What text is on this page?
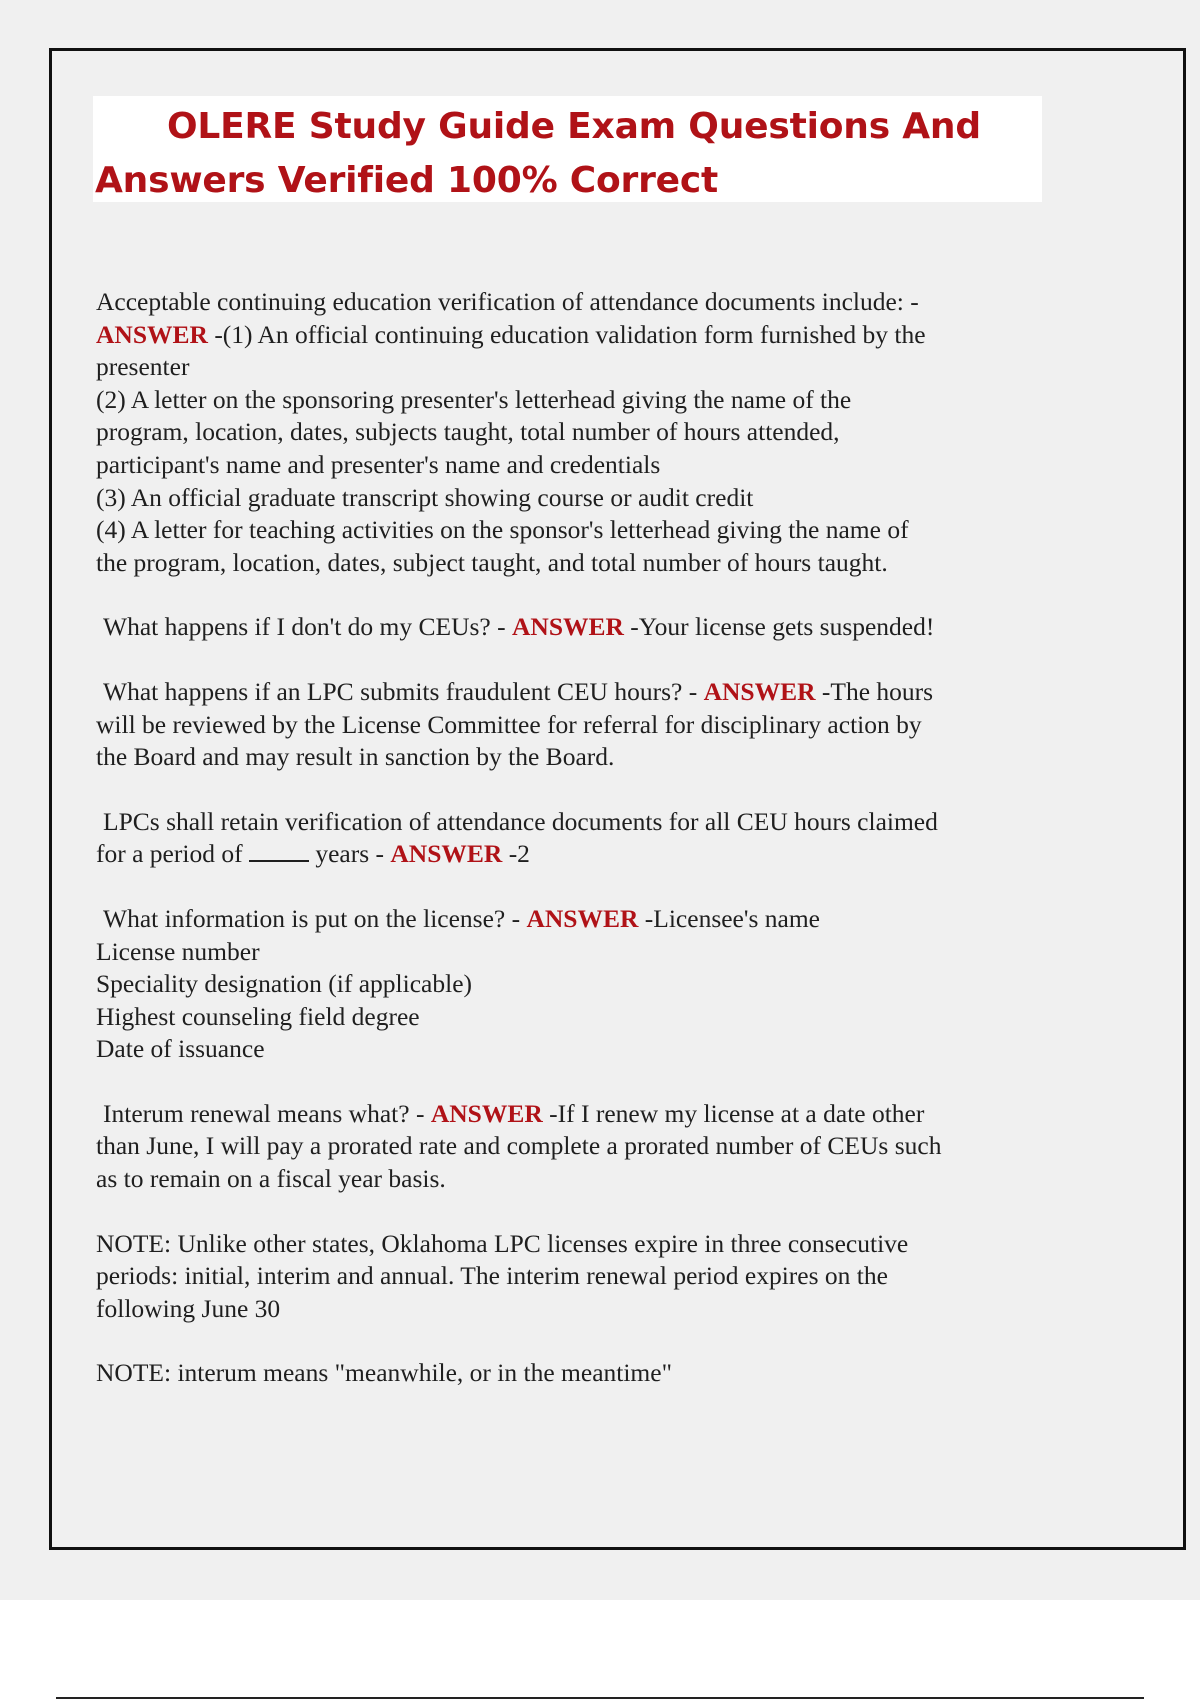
OLERE Study Guide Exam Questions And Answers Verified 100% Correct

Acceptable continuing education verification of attendance documents include: -
ANSWER -(1) An official continuing education validation form furnished by the
presenter
(2) A letter on the sponsoring presenter's letterhead giving the name of the
program, location, dates, subjects taught, total number of hours attended,
participant's name and presenter's name and credentials
(3) An official graduate transcript showing course or audit credit
(4) A letter for teaching activities on the sponsor's letterhead giving the name of
the program, location, dates, subject taught, and total number of hours taught.

What happens if I don't do my CEUs? - ANSWER -Your license gets suspended!

What happens if an LPC submits fraudulent CEU hours? - ANSWER -The hours
will be reviewed by the License Committee for referral for disciplinary action by
the Board and may result in sanction by the Board.

LPCs shall retain verification of attendance documents for all CEU hours claimed
for a period of  years - ANSWER -2

What information is put on the license? - ANSWER -Licensee's name
License number
Speciality designation (if applicable)
Highest counseling field degree
Date of issuance

Interum renewal means what? - ANSWER -If I renew my license at a date other
than June, I will pay a prorated rate and complete a prorated number of CEUs such
as to remain on a fiscal year basis.

NOTE: Unlike other states, Oklahoma LPC licenses expire in three consecutive
periods: initial, interim and annual. The interim renewal period expires on the
following June 30

NOTE: interum means "meanwhile, or in the meantime"
